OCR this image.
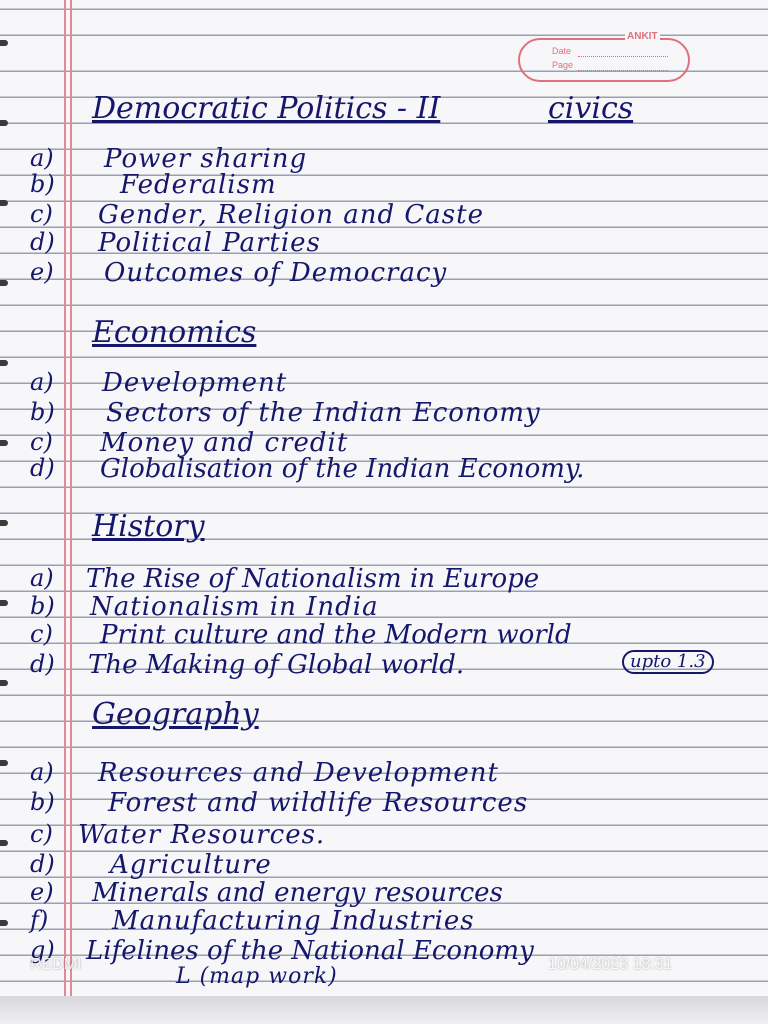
ANKIT
Date
Page
Democratic Politics - II	civics
a) Power sharing
b)	Federalism
c) Gender, Religion and Caste
d) Political Parties
e) Outcomes of Democracy
Economics
a) Development
b) Sectors of the Indian Economy
c) Money and credit
d) Globalisation of the Indian Economy.
History
a) The Rise of Nationalism in Europe
b) Nationalism in India
c) Print culture and the Modern world
d) The Making of Global world.	upto 1.3
Geography
a) Resources and Development
b) Forest and wildlife Resources
c) Water Resources.
d) Agriculture
e) Minerals and energy resources
f) Manufacturing Industries
g) Lifelines of the National Economy
L (map work)
REDMI	10/04/2023 18:31
